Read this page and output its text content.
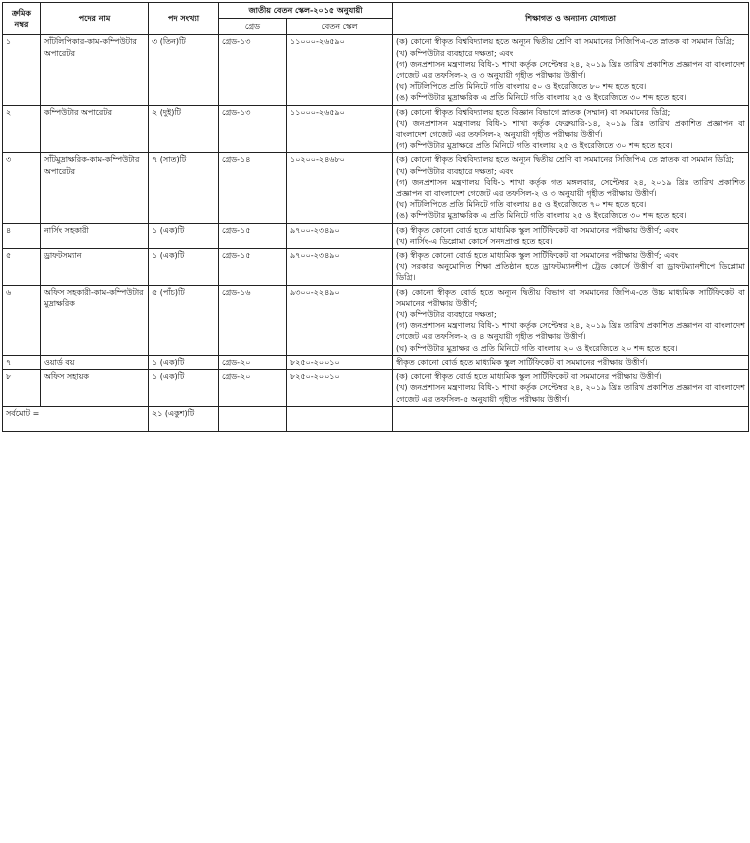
ক্রমিক নম্বর	পদের নাম	পদ সংখ্যা	জাতীয় বেতন স্কেল-২০১৫ অনুযায়ী		শিক্ষাগত ও অন্যান্য যোগ্যতা
			গ্রেড	বেতন স্কেল	
১	সাঁটলিপিকার-কাম-কম্পিউটার অপারেটর	৩ (তিন)টি	গ্রেড-১৩	১১০০০-২৬৫৯০	(ক) কোনো স্বীকৃত বিশ্ববিদ্যালয় হতে অন্যূন দ্বিতীয় শ্রেণি বা সমমানের সিজিপিএ-তে স্নাতক বা সমমান ডিগ্রি;

(খ) কম্পিউটার ব্যবহারে দক্ষতা; এবং

(গ) জনপ্রশাসন মন্ত্রণালয় বিধি-১ শাখা কর্তৃক সেপ্টেম্বর ২৪, ২০১৯ খ্রিঃ তারিখ প্রকাশিত প্রজ্ঞাপন বা বাংলাদেশ গেজেট এর তফসিল-২ ও ৩ অনুযায়ী গৃহীত পরীক্ষায় উত্তীর্ণ।

(ঘ) সাঁটলিপিতে প্রতি মিনিটে গতি বাংলায় ৫০ ও ইংরেজিতে ৮০ শব্দ হতে হবে।

(ঙ) কম্পিউটার মুদ্রাক্ষরিক এ প্রতি মিনিটে গতি বাংলায় ২৫ ও ইংরেজিতে ৩০ শব্দ হতে হবে।

২	কম্পিউটার অপারেটর	২ (দুই)টি	গ্রেড-১৩	১১০০০-২৬৫৯০	(ক) কোনো স্বীকৃত বিশ্ববিদ্যালয় হতে বিজ্ঞান বিভাগে স্নাতক (সম্মান) বা সমমানের ডিগ্রি;

(খ) জনপ্রশাসন মন্ত্রণালয় বিধি-১ শাখা কর্তৃক ফেব্রুয়ারি-১৪, ২০১৯ খ্রিঃ তারিখ প্রকাশিত প্রজ্ঞাপন বা বাংলাদেশ গেজেট এর তফসিল-২ অনুযায়ী গৃহীত পরীক্ষায় উত্তীর্ণ।

(গ) কম্পিউটার মুদ্রাক্ষরে প্রতি মিনিটে গতি বাংলায় ২৫ ও ইংরেজিতে ৩০ শব্দ হতে হবে।

৩	সাঁটমুদ্রাক্ষরিক-কাম-কম্পিউটার অপারেটর	৭ (সাত)টি	গ্রেড-১৪	১০২০০-২৪৬৮০	(ক) কোনো স্বীকৃত বিশ্ববিদ্যালয় হতে অন্যূন দ্বিতীয় শ্রেণি বা সমমানের সিজিপিএ তে স্নাতক বা সমমান ডিগ্রি;

(খ) কম্পিউটার ব্যবহারে দক্ষতা; এবং

(গ) জনপ্রশাসন মন্ত্রণালয় বিধি-১ শাখা কর্তৃক গত মঙ্গলবার, সেপ্টেম্বর ২৪, ২০১৯ খ্রিঃ তারিখ প্রকাশিত প্রজ্ঞাপন বা বাংলাদেশ গেজেট এর তফসিল-২ ও ৩ অনুযায়ী গৃহীত পরীক্ষায় উত্তীর্ণ।

(ঘ) সাঁটলিপিতে প্রতি মিনিটে গতি বাংলায় ৪৫ ও ইংরেজিতে ৭০ শব্দ হতে হবে।

(ঙ) কম্পিউটার মুদ্রাক্ষরিক এ প্রতি মিনিটে গতি বাংলায় ২৫ ও ইংরেজিতে ৩০ শব্দ হতে হবে।

৪	নার্সিং সহকারী	১ (এক)টি	গ্রেড-১৫	৯৭০০-২৩৪৯০	(ক) স্বীকৃত কোনো বোর্ড হতে মাধ্যমিক স্কুল সার্টিফিকেট বা সমমানের পরীক্ষায় উত্তীর্ণ; এবং

(খ) নার্সিং-এ ডিপ্লোমা কোর্সে সনদপ্রাপ্ত হতে হবে।

৫	ড্রাফটসম্যান	১ (এক)টি	গ্রেড-১৫	৯৭০০-২৩৪৯০	(ক) স্বীকৃত কোনো বোর্ড হতে মাধ্যমিক স্কুল সার্টিফিকেট বা সমমানের পরীক্ষায় উত্তীর্ণ; এবং

(খ) সরকার অনুমোদিত শিক্ষা প্রতিষ্ঠান হতে ড্রাফটম্যানশীপ ট্রেড কোর্সে উত্তীর্ণ বা ড্রাফটম্যানশীপে ডিপ্লোমা ডিগ্রি।

৬	অফিস সহকারী-কাম-কম্পিউটার মুদ্রাক্ষরিক	৫ (পাঁচ)টি	গ্রেড-১৬	৯৩০০-২২৪৯০	(ক) কোনো স্বীকৃত বোর্ড হতে অন্যূন দ্বিতীয় বিভাগ বা সমমানের জিপিএ-তে উচ্চ মাধ্যমিক সার্টিফিকেট বা সমমানের পরীক্ষায় উত্তীর্ণ;

(খ) কম্পিউটার ব্যবহারে দক্ষতা;

(গ) জনপ্রশাসন মন্ত্রণালয় বিধি-১ শাখা কর্তৃক সেপ্টেম্বর ২৪, ২০১৯ খ্রিঃ তারিখ প্রকাশিত প্রজ্ঞাপন বা বাংলাদেশ গেজেট এর তফসিল-২ ও ৪ অনুযায়ী গৃহীত পরীক্ষায় উত্তীর্ণ।

(ঘ) কম্পিউটার মুদ্রাক্ষর ও প্রতি মিনিটে গতি বাংলায় ২০ ও ইংরেজিতে ২০ শব্দ হতে হবে।

৭	ওয়ার্ড বয়	১ (এক)টি	গ্রেড-২০	৮২৫০-২০০১০	স্বীকৃত কোনো বোর্ড হতে মাধ্যমিক স্কুল সার্টিফিকেট বা সমমানের পরীক্ষায় উত্তীর্ণ।

৮	অফিস সহায়ক	১ (এক)টি	গ্রেড-২০	৮২৫০-২০০১০	(ক) কোনো স্বীকৃত বোর্ড হতে মাধ্যমিক স্কুল সার্টিফিকেট বা সমমানের পরীক্ষায় উত্তীর্ণ।

(খ) জনপ্রশাসন মন্ত্রণালয় বিধি-১ শাখা কর্তৃক সেপ্টেম্বর ২৪, ২০১৯ খ্রিঃ তারিখ প্রকাশিত প্রজ্ঞাপন বা বাংলাদেশ গেজেট এর তফসিল-৫ অনুযায়ী গৃহীত পরীক্ষায় উত্তীর্ণ।

সর্বমোট =		২১ (একুশ)টি			
